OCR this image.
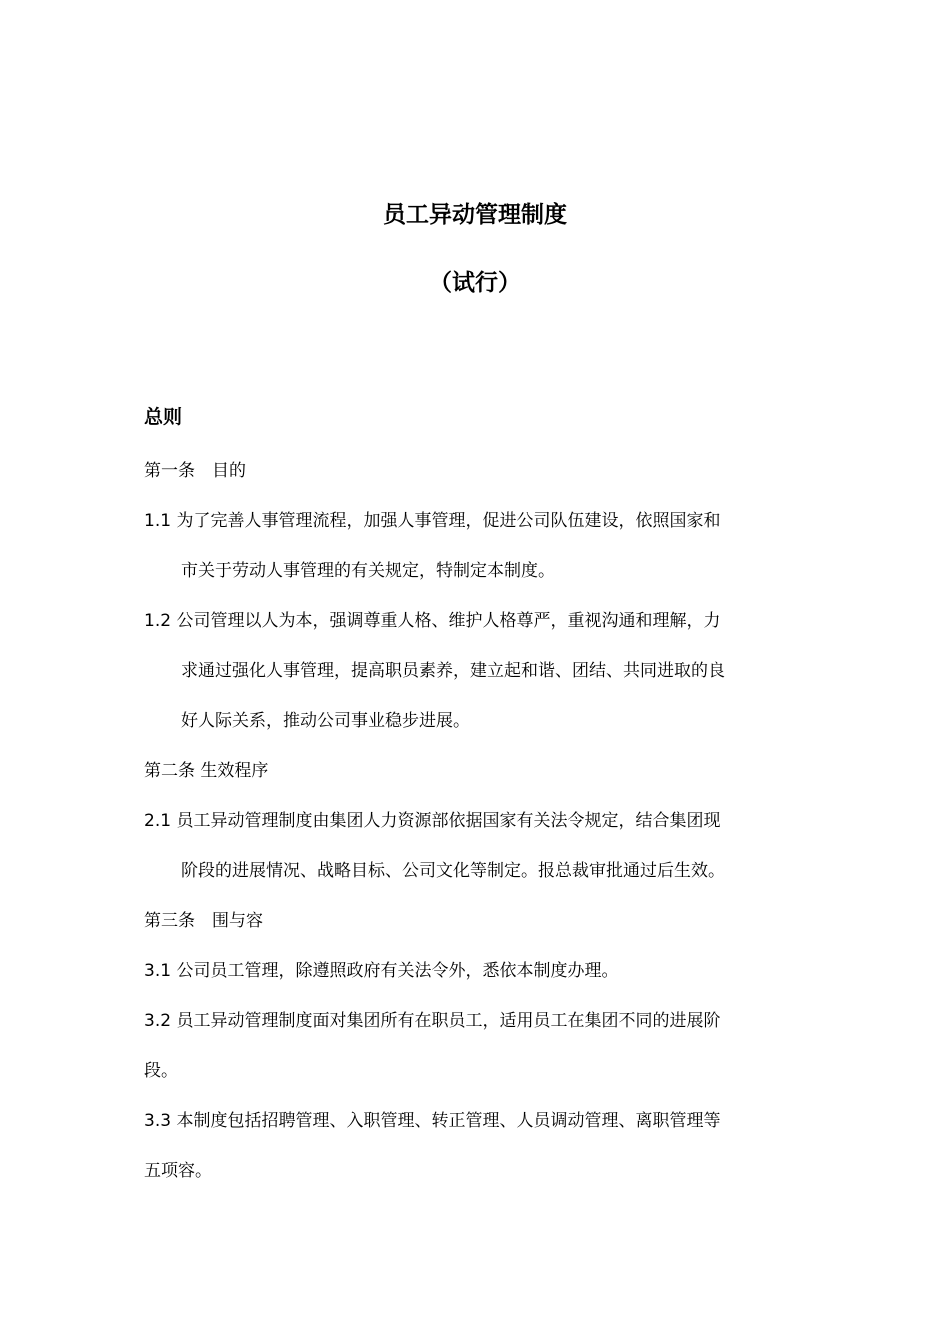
员工异动管理制度
（试行）
总则
第一条　目的
1.1 为了完善人事管理流程，加强人事管理，促进公司队伍建设，依照国家和
市关于劳动人事管理的有关规定，特制定本制度。
1.2 公司管理以人为本，强调尊重人格、维护人格尊严，重视沟通和理解，力
求通过强化人事管理，提高职员素养，建立起和谐、团结、共同进取的良
好人际关系，推动公司事业稳步进展。
第二条 生效程序
2.1 员工异动管理制度由集团人力资源部依据国家有关法令规定，结合集团现
阶段的进展情况、战略目标、公司文化等制定。报总裁审批通过后生效。
第三条　围与容
3.1 公司员工管理，除遵照政府有关法令外，悉依本制度办理。
3.2 员工异动管理制度面对集团所有在职员工，适用员工在集团不同的进展阶
段。
3.3 本制度包括招聘管理、入职管理、转正管理、人员调动管理、离职管理等
五项容。
